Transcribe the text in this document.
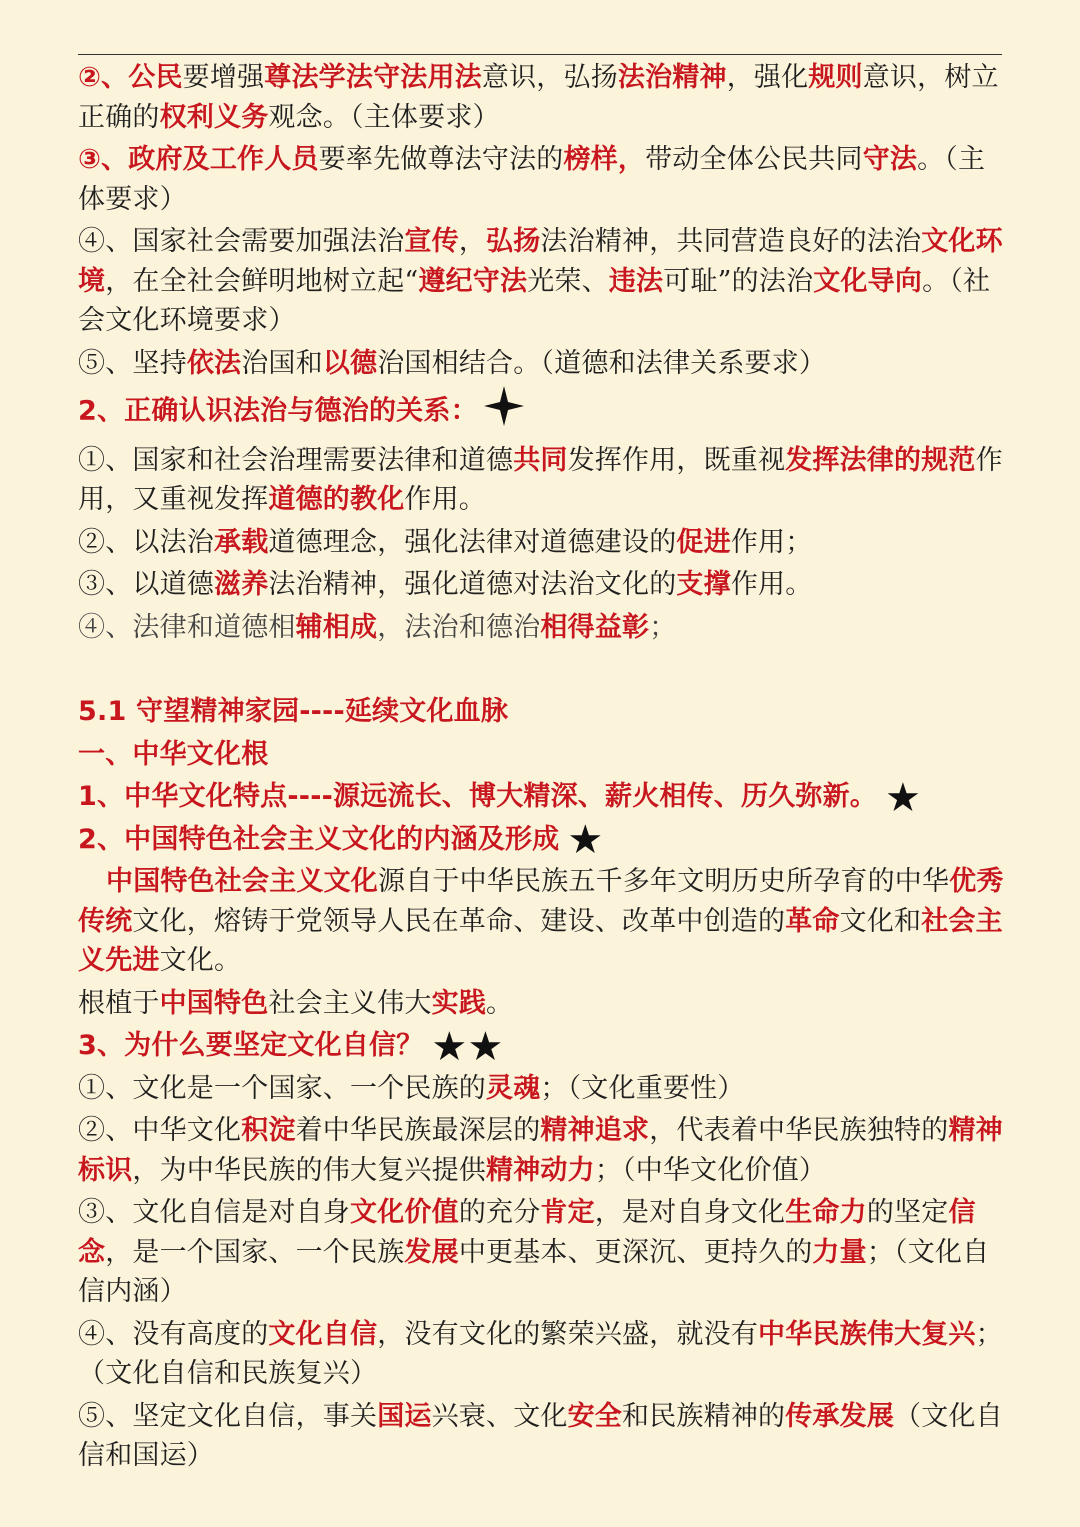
②、公民要增强尊法学法守法用法意识，弘扬法治精神，强化规则意识，树立正确的权利义务观念。（主体要求）

③、政府及工作人员要率先做尊法守法的榜样，带动全体公民共同守法。（主体要求）

④、国家社会需要加强法治宣传，弘扬法治精神，共同营造良好的法治文化环境，在全社会鲜明地树立起“遵纪守法光荣、违法可耻”的法治文化导向。（社会文化环境要求）

⑤、坚持依法治国和以德治国相结合。（道德和法律关系要求）

2、正确认识法治与德治的关系：

①、国家和社会治理需要法律和道德共同发挥作用，既重视发挥法律的规范作用，又重视发挥道德的教化作用。

②、以法治承载道德理念，强化法律对道德建设的促进作用；

③、以道德滋养法治精神，强化道德对法治文化的支撑作用。

④、法律和道德相辅相成，法治和德治相得益彰；

5.1 守望精神家园----延续文化血脉

一、中华文化根

1、中华文化特点----源远流长、博大精深、薪火相传、历久弥新。 ★

2、中国特色社会主义文化的内涵及形成 ★

中国特色社会主义文化源自于中华民族五千多年文明历史所孕育的中华优秀传统文化，熔铸于党领导人民在革命、建设、改革中创造的革命文化和社会主义先进文化。

根植于中国特色社会主义伟大实践。

3、为什么要坚定文化自信？ ★★

①、文化是一个国家、一个民族的灵魂；（文化重要性）

②、中华文化积淀着中华民族最深层的精神追求，代表着中华民族独特的精神标识，为中华民族的伟大复兴提供精神动力；（中华文化价值）

③、文化自信是对自身文化价值的充分肯定，是对自身文化生命力的坚定信念，是一个国家、一个民族发展中更基本、更深沉、更持久的力量；（文化自信内涵）

④、没有高度的文化自信，没有文化的繁荣兴盛，就没有中华民族伟大复兴；（文化自信和民族复兴）

⑤、坚定文化自信，事关国运兴衰、文化安全和民族精神的传承发展（文化自信和国运）
